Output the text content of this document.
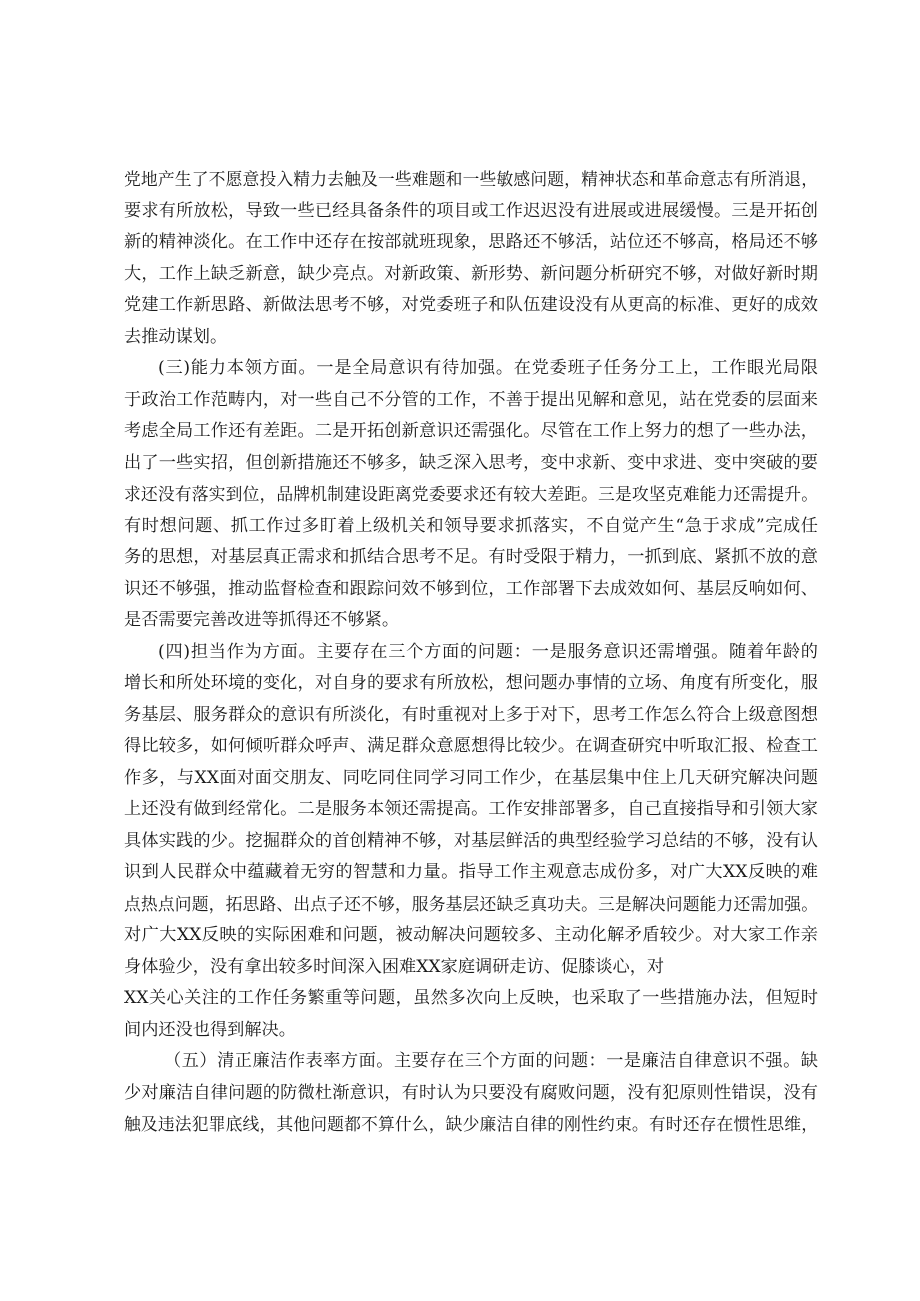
党地产生了不愿意投入精力去触及一些难题和一些敏感问题，精神状态和革命意志有所消退，
要求有所放松，导致一些已经具备条件的项目或工作迟迟没有进展或进展缓慢。三是开拓创
新的精神淡化。在工作中还存在按部就班现象，思路还不够活，站位还不够高，格局还不够
大，工作上缺乏新意，缺少亮点。对新政策、新形势、新问题分析研究不够，对做好新时期
党建工作新思路、新做法思考不够，对党委班子和队伍建设没有从更高的标准、更好的成效
去推动谋划。
(三)能力本领方面。一是全局意识有待加强。在党委班子任务分工上，工作眼光局限
于政治工作范畴内，对一些自己不分管的工作，不善于提出见解和意见，站在党委的层面来
考虑全局工作还有差距。二是开拓创新意识还需强化。尽管在工作上努力的想了一些办法，
出了一些实招，但创新措施还不够多，缺乏深入思考，变中求新、变中求进、变中突破的要
求还没有落实到位，品牌机制建设距离党委要求还有较大差距。三是攻坚克难能力还需提升。
有时想问题、抓工作过多盯着上级机关和领导要求抓落实，不自觉产生“急于求成”完成任
务的思想，对基层真正需求和抓结合思考不足。有时受限于精力，一抓到底、紧抓不放的意
识还不够强，推动监督检查和跟踪问效不够到位，工作部署下去成效如何、基层反响如何、
是否需要完善改进等抓得还不够紧。
(四)担当作为方面。主要存在三个方面的问题：一是服务意识还需增强。随着年龄的
增长和所处环境的变化，对自身的要求有所放松，想问题办事情的立场、角度有所变化，服
务基层、服务群众的意识有所淡化，有时重视对上多于对下，思考工作怎么符合上级意图想
得比较多，如何倾听群众呼声、满足群众意愿想得比较少。在调查研究中听取汇报、检查工
作多，与XX面对面交朋友、同吃同住同学习同工作少，在基层集中住上几天研究解决问题
上还没有做到经常化。二是服务本领还需提高。工作安排部署多，自己直接指导和引领大家
具体实践的少。挖掘群众的首创精神不够，对基层鲜活的典型经验学习总结的不够，没有认
识到人民群众中蕴藏着无穷的智慧和力量。指导工作主观意志成份多，对广大XX反映的难
点热点问题，拓思路、出点子还不够，服务基层还缺乏真功夫。三是解决问题能力还需加强。
对广大XX反映的实际困难和问题，被动解决问题较多、主动化解矛盾较少。对大家工作亲
身体验少，没有拿出较多时间深入困难XX家庭调研走访、促膝谈心，对
XX关心关注的工作任务繁重等问题，虽然多次向上反映，也采取了一些措施办法，但短时
间内还没也得到解决。
（五）清正廉洁作表率方面。主要存在三个方面的问题：一是廉洁自律意识不强。缺
少对廉洁自律问题的防微杜渐意识，有时认为只要没有腐败问题，没有犯原则性错误，没有
触及违法犯罪底线，其他问题都不算什么，缺少廉洁自律的刚性约束。有时还存在惯性思维，
